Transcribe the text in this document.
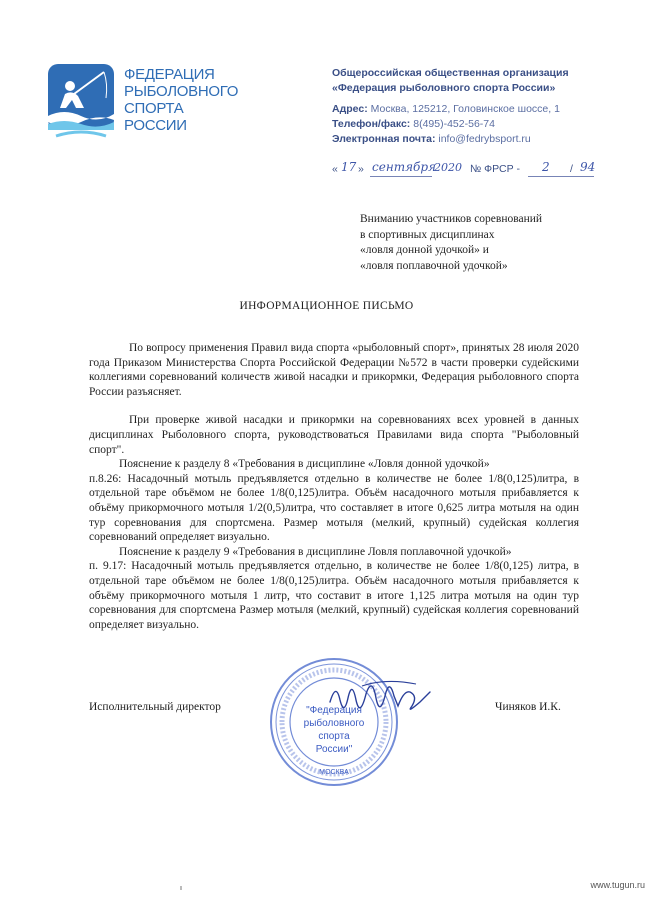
ФЕДЕРАЦИЯ
РЫБОЛОВНОГО
СПОРТА
РОССИИ
Общероссийская общественная организация
«Федерация рыболовного спорта России»
Адрес: Москва, 125212, Головинское шоссе, 1
Телефон/факс: 8(495)-452-56-74
Электронная почта: info@fedrybsport.ru
« 17 » сентября
2020 № ФРСР - 2 / 94
Вниманию участников соревнований
в спортивных дисциплинах
«ловля донной удочкой» и
«ловля поплавочной удочкой»
ИНФОРМАЦИОННОЕ ПИСЬМО

По вопросу применения Правил вида спорта «рыболовный спорт», принятых 28 июля 2020 года Приказом Министерства Спорта Российской Федерации №572 в части проверки судейскими коллегиями соревнований количеств живой насадки и прикормки, Федерация рыболовного спорта России разъясняет.

При проверке живой насадки и прикормки на соревнованиях всех уровней в данных дисциплинах Рыболовного спорта, руководствоваться Правилами вида спорта "Рыболовный спорт".

Пояснение к разделу 8 «Требования в дисциплине «Ловля донной удочкой»

п.8.26: Насадочный мотыль предъявляется отдельно в количестве не более 1/8(0,125)литра, в отдельной таре объёмом не более 1/8(0,125)литра. Объём насадочного мотыля прибавляется к объёму прикормочного мотыля 1/2(0,5)литра, что составляет в итоге 0,625 литра мотыля на один тур соревнования для спортсмена. Размер мотыля (мелкий, крупный) судейская коллегия соревнований определяет визуально.

Пояснение к разделу 9 «Требования в дисциплине Ловля поплавочной удочкой»

п. 9.17: Насадочный мотыль предъявляется отдельно, в количестве не более 1/8(0,125) литра, в отдельной таре объёмом не более 1/8(0,125)литра. Объём насадочного мотыля прибавляется к объёму прикормочного мотыля 1 литр, что составит в итоге 1,125 литра мотыля на один тур соревнования для спортсмена Размер мотыля (мелкий, крупный) судейская коллегия соревнований определяет визуально.

МОСКВА
"Федерация
рыболовного
спорта
России"
Исполнительный директор	Чиняков И.К.
www.tugun.ru
